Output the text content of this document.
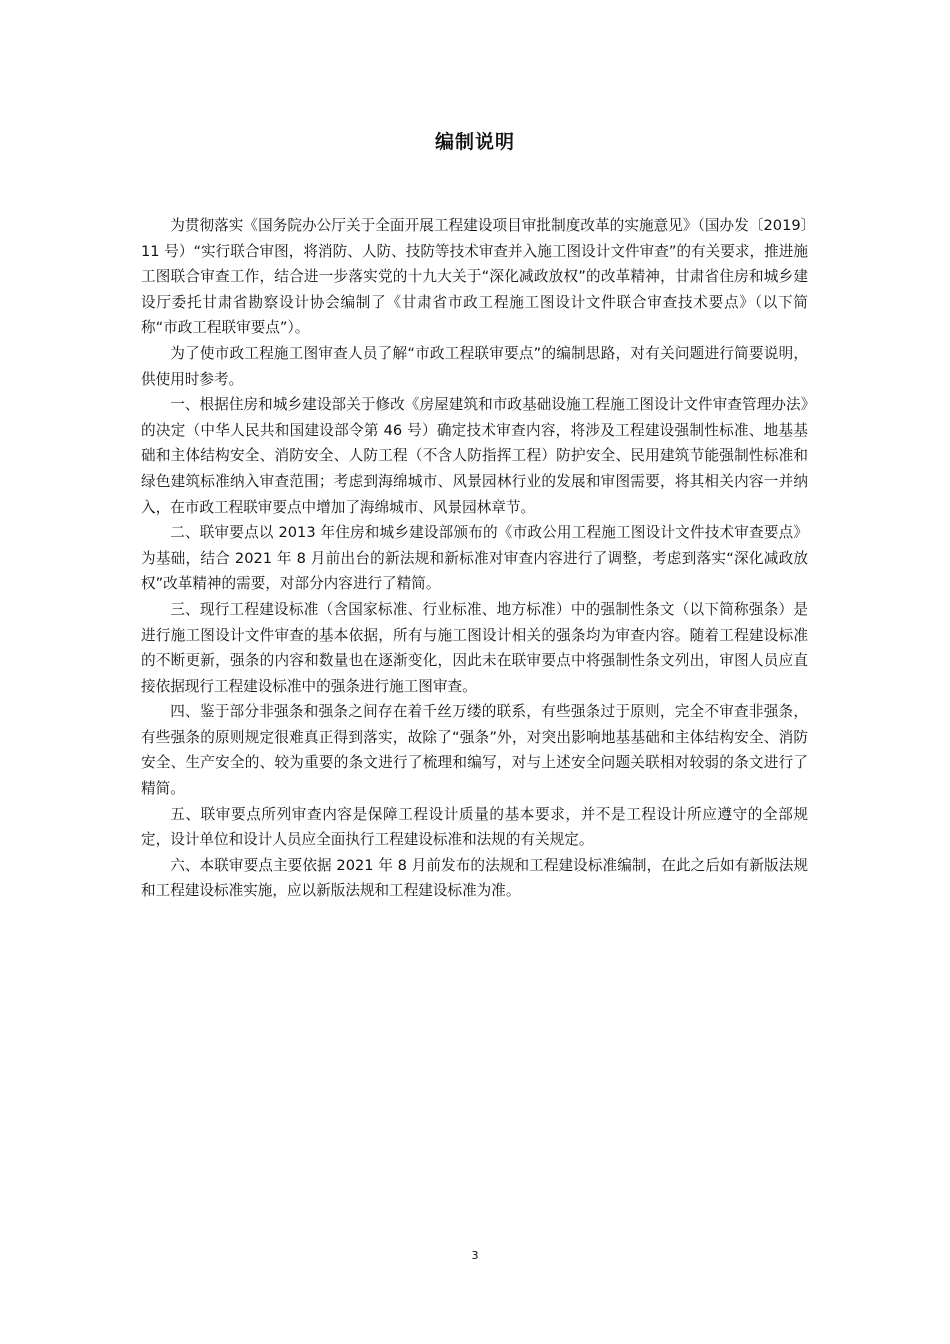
编制说明

为贯彻落实《国务院办公厅关于全面开展工程建设项目审批制度改革的实施意见》（国办发〔2019〕11 号）“实行联合审图，将消防、人防、技防等技术审查并入施工图设计文件审查”的有关要求，推进施工图联合审查工作，结合进一步落实党的十九大关于“深化减政放权”的改革精神，甘肃省住房和城乡建设厅委托甘肃省勘察设计协会编制了《甘肃省市政工程施工图设计文件联合审查技术要点》（以下简称“市政工程联审要点”）。

为了使市政工程施工图审查人员了解“市政工程联审要点”的编制思路，对有关问题进行简要说明，供使用时参考。

一、根据住房和城乡建设部关于修改《房屋建筑和市政基础设施工程施工图设计文件审查管理办法》的决定（中华人民共和国建设部令第 46 号）确定技术审查内容，将涉及工程建设强制性标准、地基基础和主体结构安全、消防安全、人防工程（不含人防指挥工程）防护安全、民用建筑节能强制性标准和绿色建筑标准纳入审查范围；考虑到海绵城市、风景园林行业的发展和审图需要，将其相关内容一并纳入，在市政工程联审要点中增加了海绵城市、风景园林章节。

二、联审要点以 2013 年住房和城乡建设部颁布的《市政公用工程施工图设计文件技术审查要点》为基础，结合 2021 年 8 月前出台的新法规和新标准对审查内容进行了调整，考虑到落实“深化减政放权”改革精神的需要，对部分内容进行了精简。

三、现行工程建设标准（含国家标准、行业标准、地方标准）中的强制性条文（以下简称强条）是进行施工图设计文件审查的基本依据，所有与施工图设计相关的强条均为审查内容。随着工程建设标准的不断更新，强条的内容和数量也在逐渐变化，因此未在联审要点中将强制性条文列出，审图人员应直接依据现行工程建设标准中的强条进行施工图审查。

四、鉴于部分非强条和强条之间存在着千丝万缕的联系，有些强条过于原则，完全不审查非强条，有些强条的原则规定很难真正得到落实，故除了“强条”外，对突出影响地基基础和主体结构安全、消防安全、生产安全的、较为重要的条文进行了梳理和编写，对与上述安全问题关联相对较弱的条文进行了精简。

五、联审要点所列审查内容是保障工程设计质量的基本要求，并不是工程设计所应遵守的全部规定，设计单位和设计人员应全面执行工程建设标准和法规的有关规定。

六、本联审要点主要依据 2021 年 8 月前发布的法规和工程建设标准编制，在此之后如有新版法规和工程建设标准实施，应以新版法规和工程建设标准为准。

3
